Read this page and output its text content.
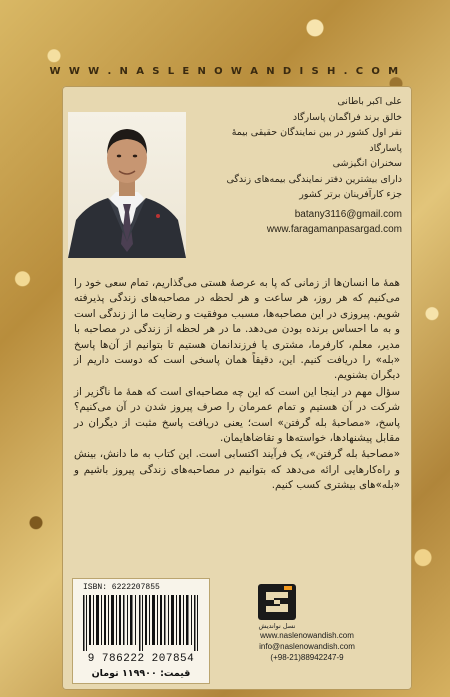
W W W . N A S L E N O W A N D I S H . C O M
علی اکبر باطانی
خالق برند فراگمان پاسارگاد
نفر اول کشور در بین نمایندگان حقیقی بیمهٔ پاسارگاد
سخنران انگیزشی
دارای بیشترین دفتر نمایندگی بیمه‌های زندگی
جزء کارآفرینان برتر کشور
batany3116@gmail.com
www.faragamanpasargad.com

همهٔ ما انسان‌ها از زمانی که پا به عرصهٔ هستی می‌گذاریم، تمام سعی خود را می‌کنیم که هر روز، هر ساعت و هر لحظه در مصاحبه‌های زندگی پذیرفته شویم. پیروزی در این مصاحبه‌ها، مسبب موفقیت و رضایت ما از زندگی است و به ما احساس برنده بودن می‌دهد. ما در هر لحظه از زندگی در مصاحبه با مدیر، معلم، کارفرما، مشتری یا فرزندانمان هستیم تا بتوانیم از آن‌ها پاسخ «بله» را دریافت کنیم. این، دقیقاً همان پاسخی است که دوست داریم از دیگران بشنویم.

سؤال مهم در اینجا این است که این چه مصاحبه‌ای است که همهٔ ما ناگزیر از شرکت در آن هستیم و تمام عمرمان را صرف پیروز شدن در آن می‌کنیم؟ پاسخ، «مصاحبهٔ بله گرفتن» است؛ یعنی دریافت پاسخ مثبت از دیگران در مقابل پیشنهادها، خواسته‌ها و تقاضاهایمان.

«مصاحبهٔ بله گرفتن»، یک فرآیند اکتسابی است. این کتاب به ما دانش، بینش و راه‌کارهایی ارائه می‌دهد که بتوانیم در مصاحبه‌های زندگی پیروز باشیم و «بله»های بیشتری کسب کنیم.

ISBN: 6222207855
9 786222 207854
قیمت: ۱۱۹۹۰۰ تومان
نسل نواندیش
www.naslenowandish.com
info@naslenowandish.com
(+98-21)88942247-9
